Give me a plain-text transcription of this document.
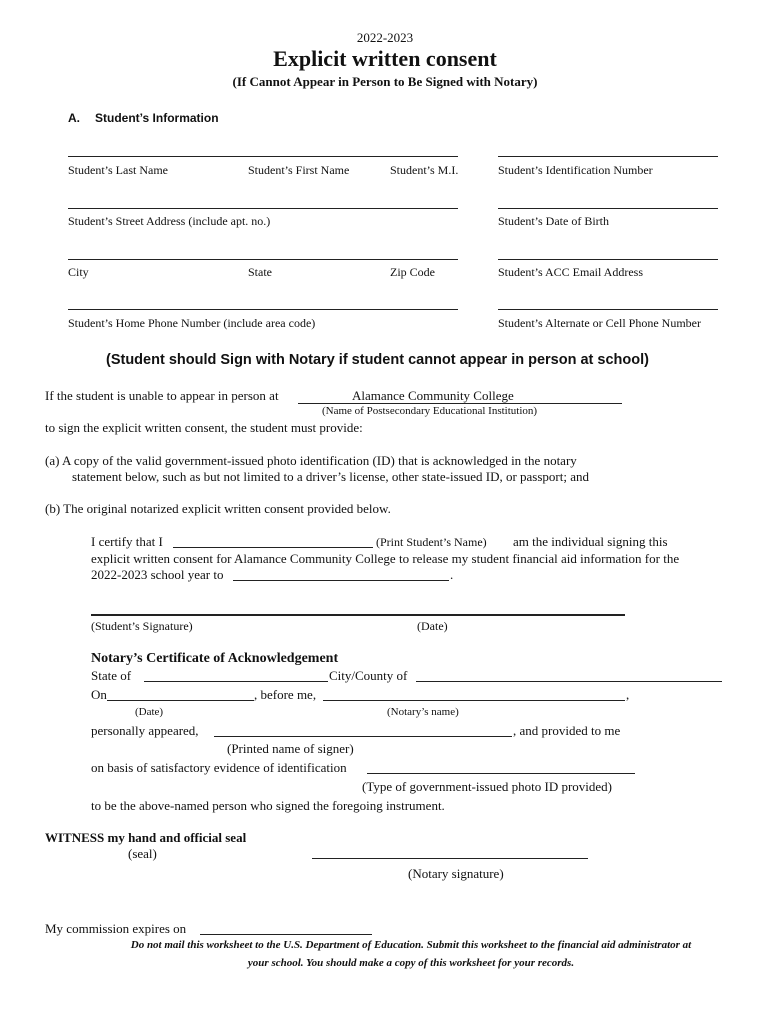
2022-2023
Explicit written consent
(If Cannot Appear in Person to Be Signed with Notary)
A. Student’s Information
Student’s Last Name	Student’s First Name	Student’s M.I.	Student’s Identification Number
Student’s Street Address (include apt. no.)	Student’s Date of Birth
City	State	Zip Code	Student’s ACC Email Address
Student’s Home Phone Number (include area code)	Student’s Alternate or Cell Phone Number
(Student should Sign with Notary if student cannot appear in person at school)
If the student is unable to appear in person at	Alamance Community College
(Name of Postsecondary Educational Institution)
to sign the explicit written consent, the student must provide:
(a) A copy of the valid government-issued photo identification (ID) that is acknowledged in the notary
statement below, such as but not limited to a driver’s license, other state-issued ID, or passport; and
(b) The original notarized explicit written consent provided below.
I certify that I	(Print Student’s Name) am the individual signing this
explicit written consent for Alamance Community College to release my student financial aid information for the
2022-2023 school year to	.
(Student’s Signature)	(Date)
Notary’s Certificate of Acknowledgement
State of	City/County of
On	, before me,	,
(Date)	(Notary’s name)
personally appeared,	, and provided to me
(Printed name of signer)
on basis of satisfactory evidence of identification
(Type of government-issued photo ID provided)
to be the above-named person who signed the foregoing instrument.
WITNESS my hand and official seal
(seal)
(Notary signature)
My commission expires on
Do not mail this worksheet to the U.S. Department of Education. Submit this worksheet to the financial aid administrator at
your school. You should make a copy of this worksheet for your records.
